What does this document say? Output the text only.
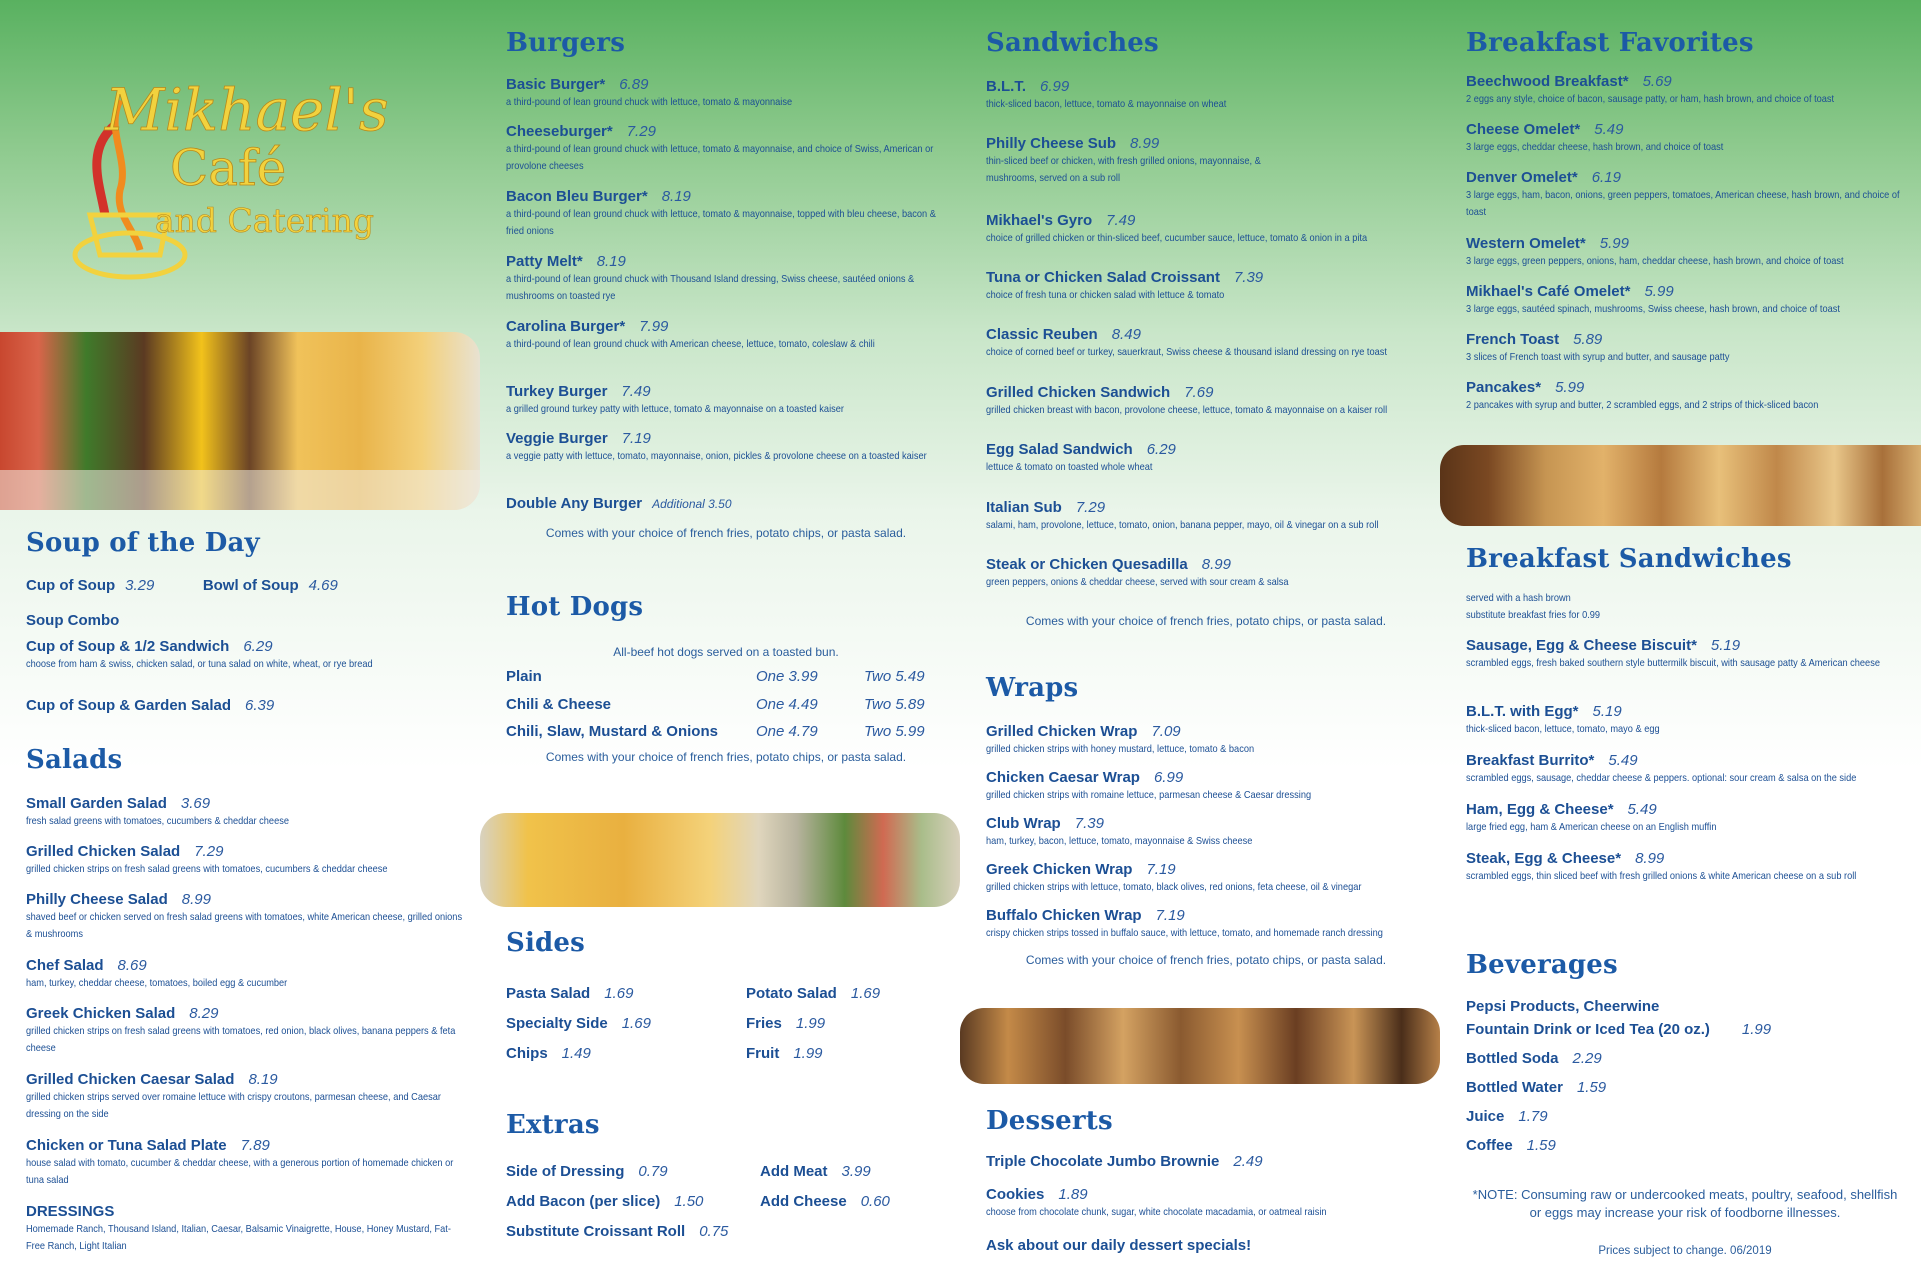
Mikhael's
Café
and Catering
Soup of the Day
Cup of Soup 3.29	Bowl of Soup 4.69
Soup Combo
Cup of Soup & 1/2 Sandwich 6.29
choose from ham & swiss, chicken salad, or tuna salad on white, wheat, or rye bread
Cup of Soup & Garden Salad 6.39
Salads
Small Garden Salad 3.69
fresh salad greens with tomatoes, cucumbers & cheddar cheese
Grilled Chicken Salad 7.29
grilled chicken strips on fresh salad greens with tomatoes, cucumbers & cheddar cheese
Philly Cheese Salad 8.99
shaved beef or chicken served on fresh salad greens with tomatoes, white American cheese, grilled onions & mushrooms
Chef Salad 8.69
ham, turkey, cheddar cheese, tomatoes, boiled egg & cucumber
Greek Chicken Salad 8.29
grilled chicken strips on fresh salad greens with tomatoes, red onion, black olives, banana peppers & feta cheese
Grilled Chicken Caesar Salad 8.19
grilled chicken strips served over romaine lettuce with crispy croutons, parmesan cheese, and Caesar dressing on the side
Chicken or Tuna Salad Plate 7.89
house salad with tomato, cucumber & cheddar cheese, with a generous portion of homemade chicken or tuna salad
DRESSINGS
Homemade Ranch, Thousand Island, Italian, Caesar, Balsamic Vinaigrette, House, Honey Mustard, Fat-Free Ranch, Light Italian
Burgers
Basic Burger* 6.89
a third-pound of lean ground chuck with lettuce, tomato & mayonnaise
Cheeseburger* 7.29
a third-pound of lean ground chuck with lettuce, tomato & mayonnaise, and choice of Swiss, American or provolone cheeses
Bacon Bleu Burger* 8.19
a third-pound of lean ground chuck with lettuce, tomato & mayonnaise, topped with bleu cheese, bacon & fried onions
Patty Melt* 8.19
a third-pound of lean ground chuck with Thousand Island dressing, Swiss cheese, sautéed onions & mushrooms on toasted rye
Carolina Burger* 7.99
a third-pound of lean ground chuck with American cheese, lettuce, tomato, coleslaw & chili
Turkey Burger 7.49
a grilled ground turkey patty with lettuce, tomato & mayonnaise on a toasted kaiser
Veggie Burger 7.19
a veggie patty with lettuce, tomato, mayonnaise, onion, pickles & provolone cheese on a toasted kaiser
Double Any Burger Additional 3.50
Comes with your choice of french fries, potato chips, or pasta salad.
Hot Dogs
All-beef hot dogs served on a toasted bun.
Plain	One 3.99	Two 5.49
Chili & Cheese	One 4.49	Two 5.89
Chili, Slaw, Mustard & Onions	One 4.79	Two 5.99
Comes with your choice of french fries, potato chips, or pasta salad.
Sides
Pasta Salad 1.69	Potato Salad 1.69
Specialty Side 1.69	Fries 1.99
Chips 1.49	Fruit 1.99
Extras
Side of Dressing 0.79	Add Meat 3.99
Add Bacon (per slice) 1.50	Add Cheese 0.60
Substitute Croissant Roll 0.75
Sandwiches
B.L.T. 6.99
thick-sliced bacon, lettuce, tomato & mayonnaise on wheat
Philly Cheese Sub 8.99
thin-sliced beef or chicken, with fresh grilled onions, mayonnaise, & mushrooms, served on a sub roll
Mikhael's Gyro 7.49
choice of grilled chicken or thin-sliced beef, cucumber sauce, lettuce, tomato & onion in a pita
Tuna or Chicken Salad Croissant 7.39
choice of fresh tuna or chicken salad with lettuce & tomato
Classic Reuben 8.49
choice of corned beef or turkey, sauerkraut, Swiss cheese & thousand island dressing on rye toast
Grilled Chicken Sandwich 7.69
grilled chicken breast with bacon, provolone cheese, lettuce, tomato & mayonnaise on a kaiser roll
Egg Salad Sandwich 6.29
lettuce & tomato on toasted whole wheat
Italian Sub 7.29
salami, ham, provolone, lettuce, tomato, onion, banana pepper, mayo, oil & vinegar on a sub roll
Steak or Chicken Quesadilla 8.99
green peppers, onions & cheddar cheese, served with sour cream & salsa
Comes with your choice of french fries, potato chips, or pasta salad.
Wraps
Grilled Chicken Wrap 7.09
grilled chicken strips with honey mustard, lettuce, tomato & bacon
Chicken Caesar Wrap 6.99
grilled chicken strips with romaine lettuce, parmesan cheese & Caesar dressing
Club Wrap 7.39
ham, turkey, bacon, lettuce, tomato, mayonnaise & Swiss cheese
Greek Chicken Wrap 7.19
grilled chicken strips with lettuce, tomato, black olives, red onions, feta cheese, oil & vinegar
Buffalo Chicken Wrap 7.19
crispy chicken strips tossed in buffalo sauce, with lettuce, tomato, and homemade ranch dressing
Comes with your choice of french fries, potato chips, or pasta salad.
Desserts
Triple Chocolate Jumbo Brownie 2.49
Cookies 1.89
choose from chocolate chunk, sugar, white chocolate macadamia, or oatmeal raisin
Ask about our daily dessert specials!
Breakfast Favorites
Beechwood Breakfast* 5.69
2 eggs any style, choice of bacon, sausage patty, or ham, hash brown, and choice of toast
Cheese Omelet* 5.49
3 large eggs, cheddar cheese, hash brown, and choice of toast
Denver Omelet* 6.19
3 large eggs, ham, bacon, onions, green peppers, tomatoes, American cheese, hash brown, and choice of toast
Western Omelet* 5.99
3 large eggs, green peppers, onions, ham, cheddar cheese, hash brown, and choice of toast
Mikhael's Café Omelet* 5.99
3 large eggs, sautéed spinach, mushrooms, Swiss cheese, hash brown, and choice of toast
French Toast 5.89
3 slices of French toast with syrup and butter, and sausage patty
Pancakes* 5.99
2 pancakes with syrup and butter, 2 scrambled eggs, and 2 strips of thick-sliced bacon
Breakfast Sandwiches
served with a hash brown
substitute breakfast fries for 0.99
Sausage, Egg & Cheese Biscuit* 5.19
scrambled eggs, fresh baked southern style buttermilk biscuit, with sausage patty & American cheese
B.L.T. with Egg* 5.19
thick-sliced bacon, lettuce, tomato, mayo & egg
Breakfast Burrito* 5.49
scrambled eggs, sausage, cheddar cheese & peppers. optional: sour cream & salsa on the side
Ham, Egg & Cheese* 5.49
large fried egg, ham & American cheese on an English muffin
Steak, Egg & Cheese* 8.99
scrambled eggs, thin sliced beef with fresh grilled onions & white American cheese on a sub roll
Beverages
Pepsi Products, Cheerwine
Fountain Drink or Iced Tea (20 oz.) 1.99
Bottled Soda 2.29
Bottled Water 1.59
Juice 1.79
Coffee 1.59
*NOTE: Consuming raw or undercooked meats, poultry, seafood, shellfish or eggs may increase your risk of foodborne illnesses.
Prices subject to change. 06/2019
